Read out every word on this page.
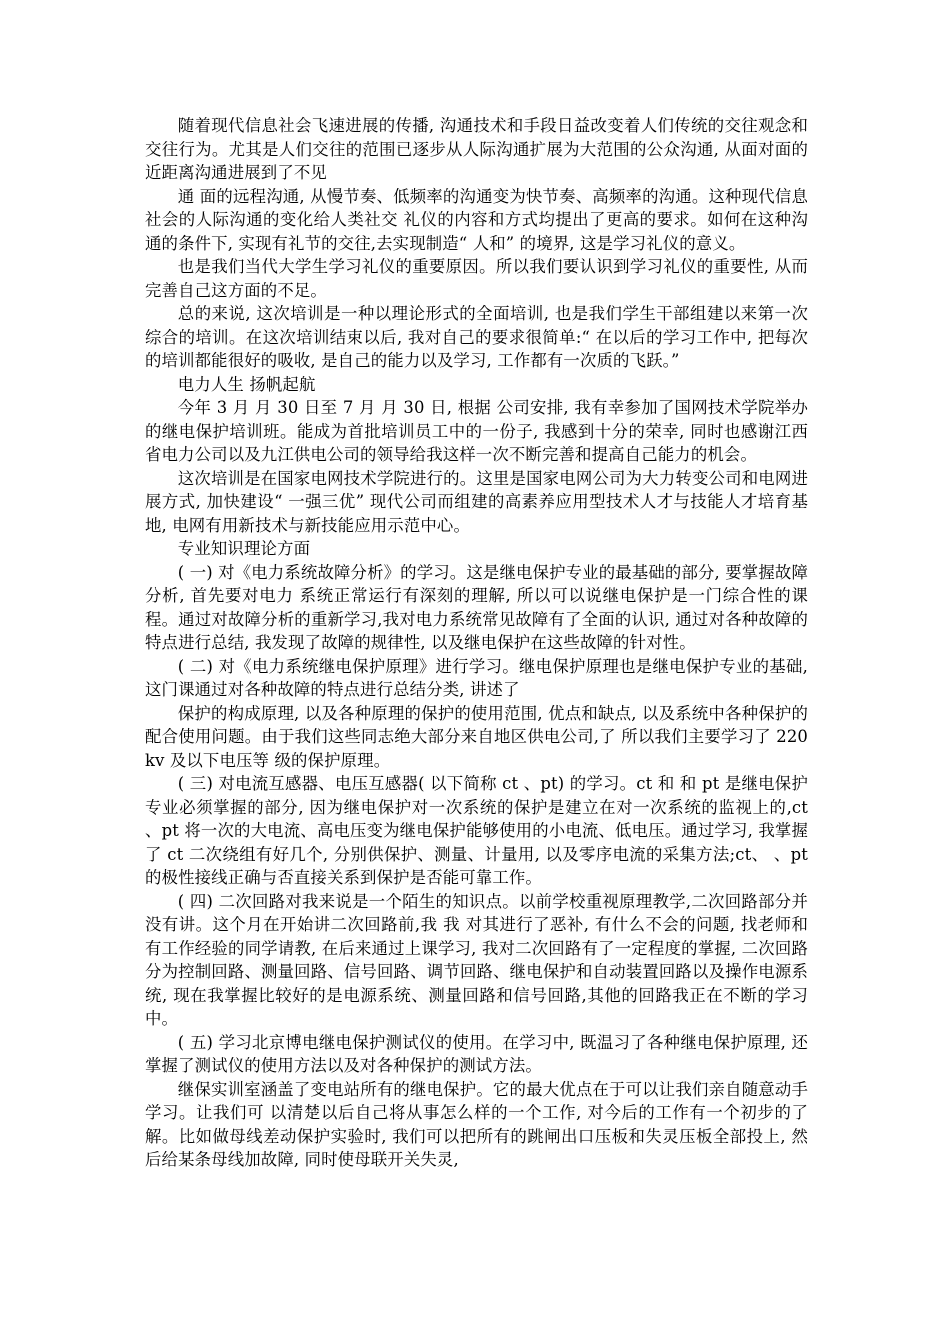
随着现代信息社会飞速进展的传播, 沟通技术和手段日益改变着人们传统的交往观念和交往行为。尤其是人们交往的范围已逐步从人际沟通扩展为大范围的公众沟通, 从面对面的近距离沟通进展到了不见

通 面的远程沟通, 从慢节奏、低频率的沟通变为快节奏、高频率的沟通。这种现代信息社会的人际沟通的变化给人类社交 礼仪的内容和方式均提出了更高的要求。如何在这种沟通的条件下, 实现有礼节的交往,去实现制造“ 人和” 的境界, 这是学习礼仪的意义。

也是我们当代大学生学习礼仪的重要原因。所以我们要认识到学习礼仪的重要性, 从而完善自己这方面的不足。

总的来说, 这次培训是一种以理论形式的全面培训, 也是我们学生干部组建以来第一次综合的培训。在这次培训结束以后, 我对自己的要求很简单:“ 在以后的学习工作中, 把每次的培训都能很好的吸收, 是自己的能力以及学习, 工作都有一次质的飞跃。”

电力人生 扬帆起航

今年 3 月 月 30 日至 7 月 月 30 日, 根据 公司安排, 我有幸参加了国网技术学院举办的继电保护培训班。能成为首批培训员工中的一份子, 我感到十分的荣幸, 同时也感谢江西省电力公司以及九江供电公司的领导给我这样一次不断完善和提高自己能力的机会。

这次培训是在国家电网技术学院进行的。这里是国家电网公司为大力转变公司和电网进展方式, 加快建设“ 一强三优” 现代公司而组建的高素养应用型技术人才与技能人才培育基地, 电网有用新技术与新技能应用示范中心。

专业知识理论方面

( 一) 对《电力系统故障分析》的学习。这是继电保护专业的最基础的部分, 要掌握故障分析, 首先要对电力 系统正常运行有深刻的理解, 所以可以说继电保护是一门综合性的课程。通过对故障分析的重新学习,我对电力系统常见故障有了全面的认识, 通过对各种故障的特点进行总结, 我发现了故障的规律性, 以及继电保护在这些故障的针对性。

( 二) 对《电力系统继电保护原理》进行学习。继电保护原理也是继电保护专业的基础, 这门课通过对各种故障的特点进行总结分类, 讲述了

保护的构成原理, 以及各种原理的保护的使用范围, 优点和缺点, 以及系统中各种保护的配合使用问题。由于我们这些同志绝大部分来自地区供电公司,了 所以我们主要学习了 220kv 及以下电压等 级的保护原理。

( 三) 对电流互感器、电压互感器( 以下简称 ct 、pt) 的学习。ct 和 和 pt 是继电保护专业必须掌握的部分, 因为继电保护对一次系统的保护是建立在对一次系统的监视上的,ct 、pt 将一次的大电流、高电压变为继电保护能够使用的小电流、低电压。通过学习, 我掌握了 ct 二次绕组有好几个, 分别供保护、测量、计量用, 以及零序电流的采集方法;ct、 、pt 的极性接线正确与否直接关系到保护是否能可靠工作。

( 四) 二次回路对我来说是一个陌生的知识点。以前学校重视原理教学,二次回路部分并没有讲。这个月在开始讲二次回路前,我 我 对其进行了恶补, 有什么不会的问题, 找老师和有工作经验的同学请教, 在后来通过上课学习, 我对二次回路有了一定程度的掌握, 二次回路分为控制回路、测量回路、信号回路、调节回路、继电保护和自动装置回路以及操作电源系统, 现在我掌握比较好的是电源系统、测量回路和信号回路,其他的回路我正在不断的学习中。

( 五) 学习北京博电继电保护测试仪的使用。在学习中, 既温习了各种继电保护原理, 还掌握了测试仪的使用方法以及对各种保护的测试方法。

继保实训室涵盖了变电站所有的继电保护。它的最大优点在于可以让我们亲自随意动手学习。让我们可 以清楚以后自己将从事怎么样的一个工作, 对今后的工作有一个初步的了解。比如做母线差动保护实验时, 我们可以把所有的跳闸出口压板和失灵压板全部投上, 然后给某条母线加故障, 同时使母联开关失灵,
